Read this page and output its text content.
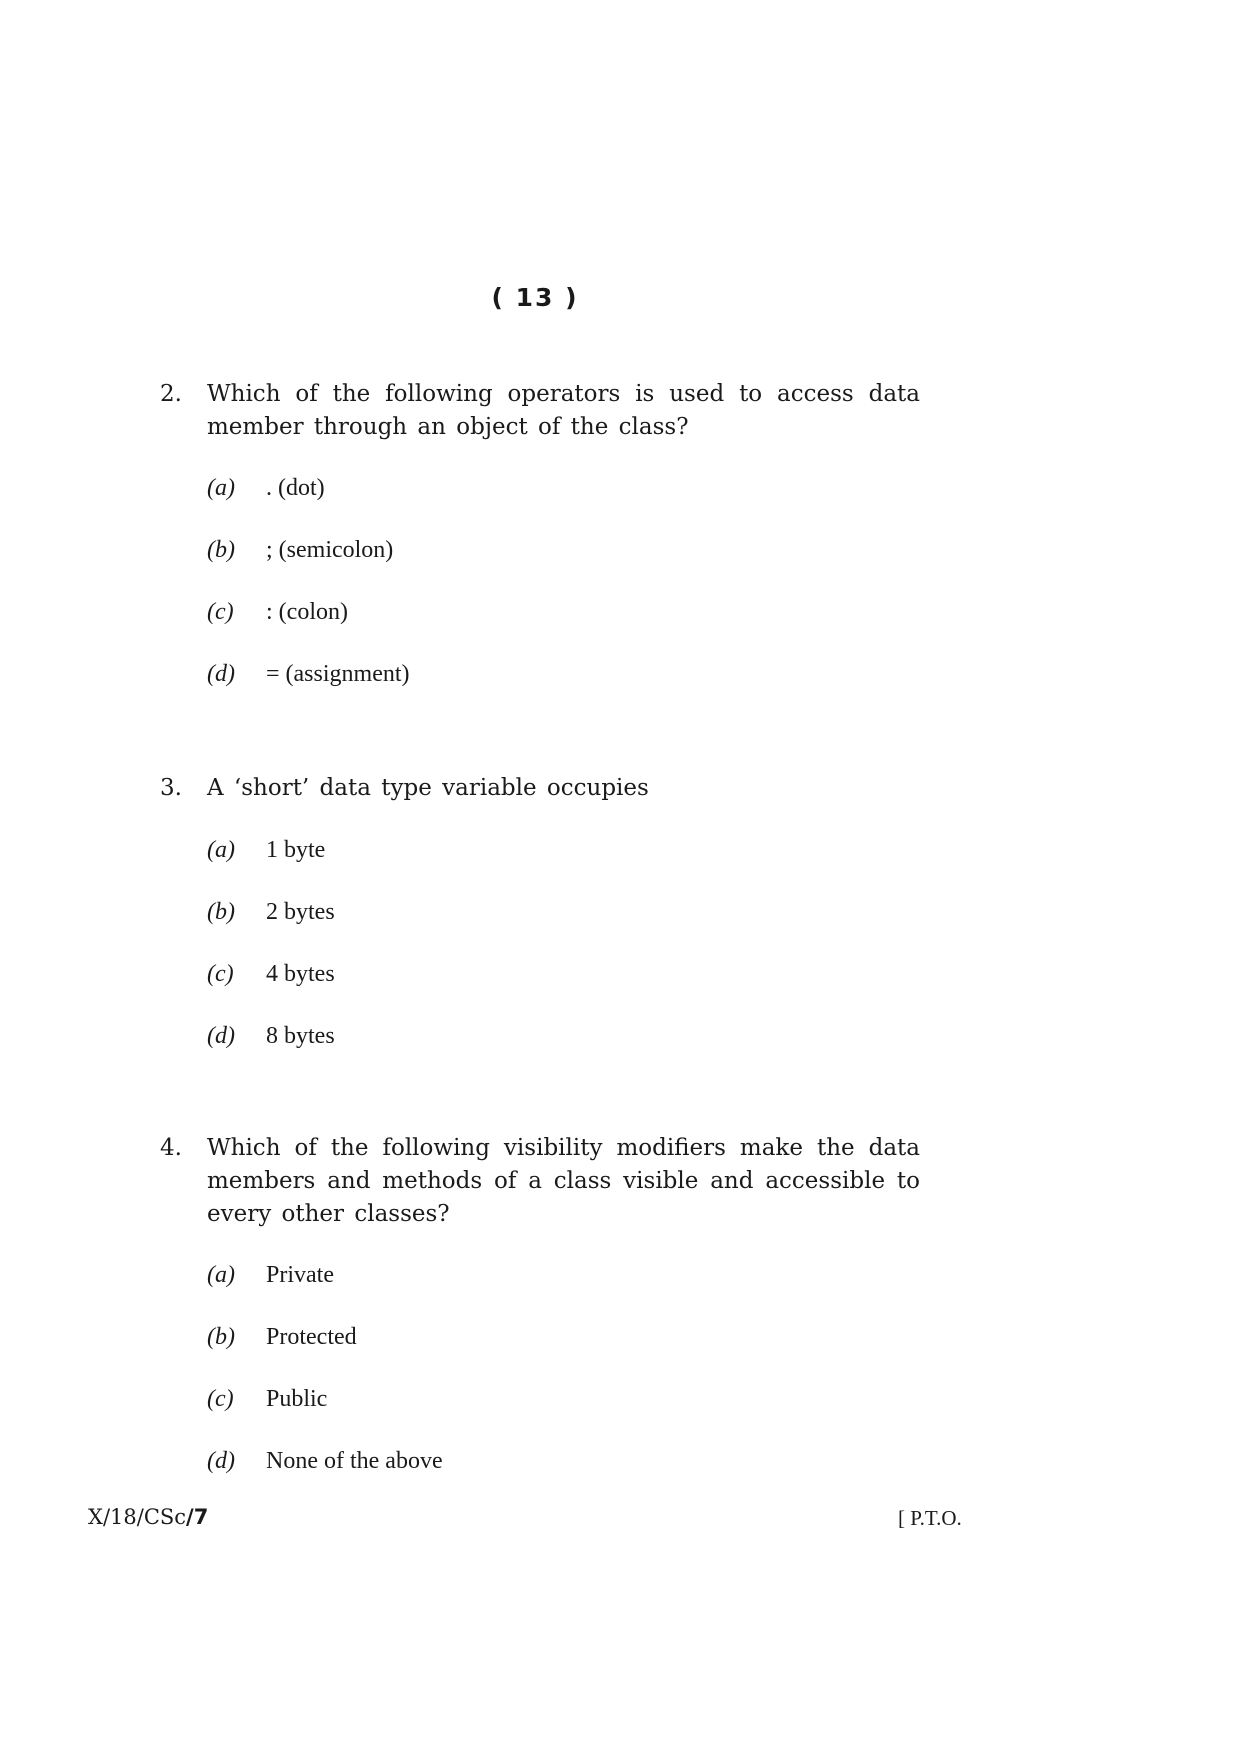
( 13 )
2. Which of the following operators is used to access data member through an object of the class?
(a) . (dot)
(b) ; (semicolon)
(c) : (colon)
(d) = (assignment)
3. A ‘short’ data type variable occupies
(a) 1 byte
(b) 2 bytes
(c) 4 bytes
(d) 8 bytes
4. Which of the following visibility modifiers make the data members and methods of a class visible and accessible to every other classes?
(a) Private
(b) Protected
(c) Public
(d) None of the above
X/18/CSc/7	[ P.T.O.
